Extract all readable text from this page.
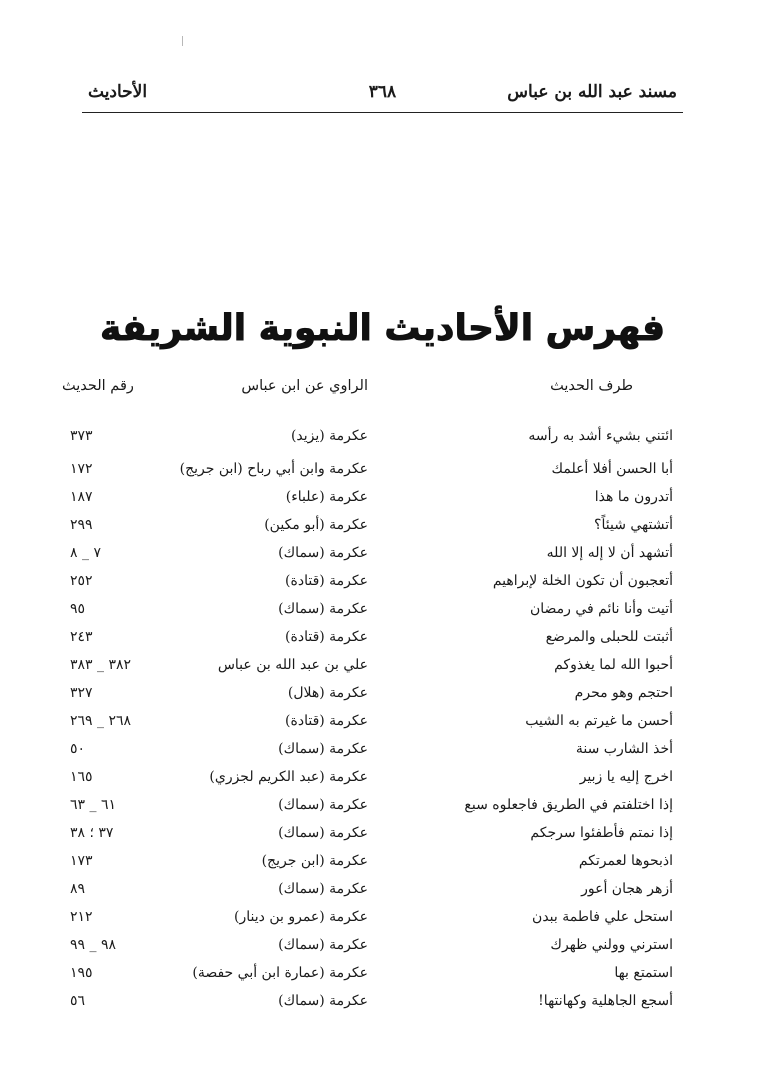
مسند عبد الله بن عباس
٣٦٨
الأحاديث
فهرس الأحاديث النبوية الشريفة
طرف الحديث
الراوي عن ابن عباس
رقم الحديث
ائتني بشيء أشد به رأسه
عكرمة (يزيد)
٣٧٣
أبا الحسن أفلا أعلمك
عكرمة وابن أبي رباح (ابن جريج)
١٧٢
أتدرون ما هذا
عكرمة (علباء)
١٨٧
أتشتهي شيئاً؟
عكرمة (أبو مكين)
٢٩٩
أتشهد أن لا إله إلا الله
عكرمة (سماك)
٧ _ ٨
أتعجبون أن تكون الخلة لإبراهيم
عكرمة (قتادة)
٢٥٢
أتيت وأنا نائم في رمضان
عكرمة (سماك)
٩٥
أثبتت للحبلى والمرضع
عكرمة (قتادة)
٢٤٣
أحبوا الله لما يغذوكم
علي بن عبد الله بن عباس
٣٨٢ _ ٣٨٣
احتجم وهو محرم
عكرمة (هلال)
٣٢٧
أحسن ما غيرتم به الشيب
عكرمة (قتادة)
٢٦٨ _ ٢٦٩
أخذ الشارب سنة
عكرمة (سماك)
٥٠
اخرج إليه يا زبير
عكرمة (عبد الكريم لجزري)
١٦٥
إذا اختلفتم في الطريق فاجعلوه سبع
عكرمة (سماك)
٦١ _ ٦٣
إذا نمتم فأطفئوا سرجكم
عكرمة (سماك)
٣٧ ؛ ٣٨
اذبحوها لعمرتكم
عكرمة (ابن جريج)
١٧٣
أزهر هجان أعور
عكرمة (سماك)
٨٩
استحل علي فاطمة ببدن
عكرمة (عمرو بن دينار)
٢١٢
استرني وولني ظهرك
عكرمة (سماك)
٩٨ _ ٩٩
استمتع بها
عكرمة (عمارة ابن أبي حفصة)
١٩٥
أسجع الجاهلية وكهانتها!
عكرمة (سماك)
٥٦
